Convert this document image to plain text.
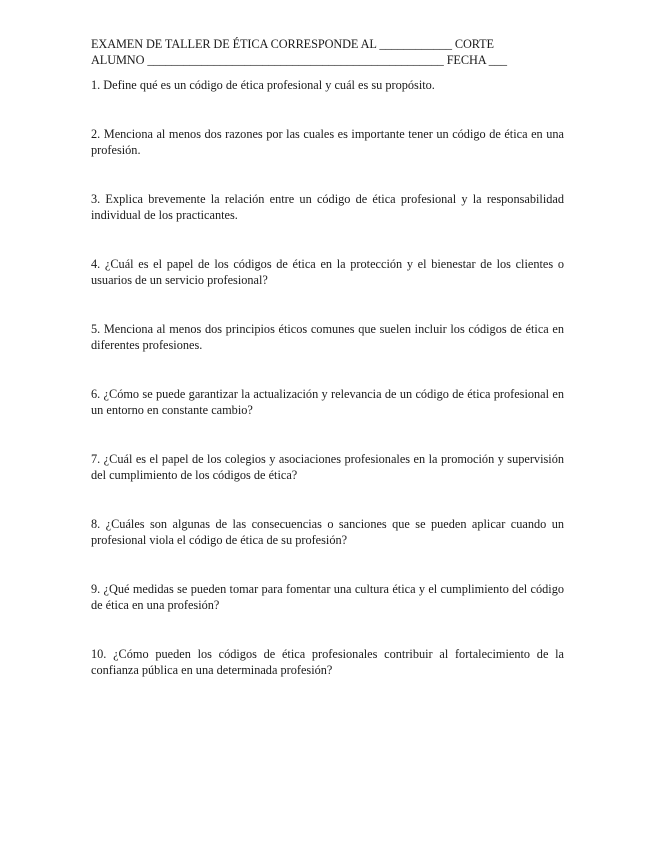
EXAMEN DE TALLER DE ÉTICA CORRESPONDE AL ____________ CORTE
ALUMNO _________________________________________________ FECHA ___

1. Define qué es un código de ética profesional y cuál es su propósito.

2. Menciona al menos dos razones por las cuales es importante tener un código de ética en una profesión.

3. Explica brevemente la relación entre un código de ética profesional y la responsabilidad individual de los practicantes.

4. ¿Cuál es el papel de los códigos de ética en la protección y el bienestar de los clientes o usuarios de un servicio profesional?

5. Menciona al menos dos principios éticos comunes que suelen incluir los códigos de ética en diferentes profesiones.

6. ¿Cómo se puede garantizar la actualización y relevancia de un código de ética profesional en un entorno en constante cambio?

7. ¿Cuál es el papel de los colegios y asociaciones profesionales en la promoción y supervisión del cumplimiento de los códigos de ética?

8. ¿Cuáles son algunas de las consecuencias o sanciones que se pueden aplicar cuando un profesional viola el código de ética de su profesión?

9. ¿Qué medidas se pueden tomar para fomentar una cultura ética y el cumplimiento del código de ética en una profesión?

10. ¿Cómo pueden los códigos de ética profesionales contribuir al fortalecimiento de la confianza pública en una determinada profesión?
